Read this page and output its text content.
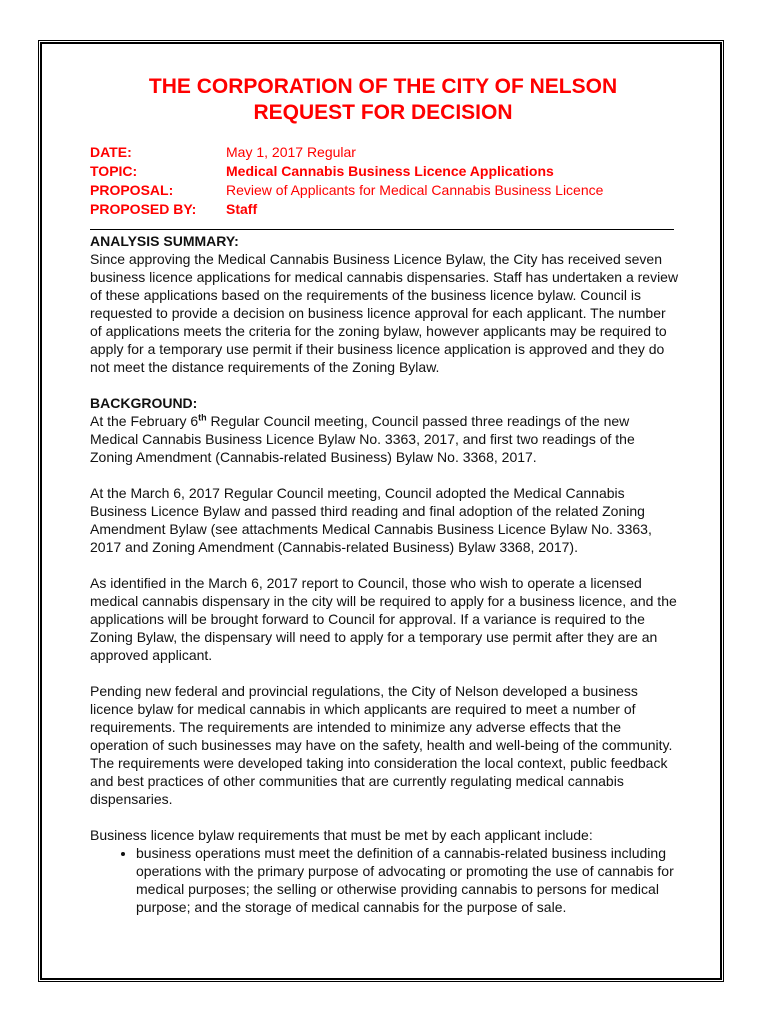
THE CORPORATION OF THE CITY OF NELSON
REQUEST FOR DECISION
DATE:	May 1, 2017 Regular
TOPIC:	Medical Cannabis Business Licence Applications
PROPOSAL:	Review of Applicants for Medical Cannabis Business Licence
PROPOSED BY:	Staff
ANALYSIS SUMMARY:

Since approving the Medical Cannabis Business Licence Bylaw, the City has received seven business licence applications for medical cannabis dispensaries. Staff has undertaken a review of these applications based on the requirements of the business licence bylaw. Council is requested to provide a decision on business licence approval for each applicant. The number of applications meets the criteria for the zoning bylaw, however applicants may be required to apply for a temporary use permit if their business licence application is approved and they do not meet the distance requirements of the Zoning Bylaw.

BACKGROUND:

At the February 6th Regular Council meeting, Council passed three readings of the new Medical Cannabis Business Licence Bylaw No. 3363, 2017, and first two readings of the Zoning Amendment (Cannabis-related Business) Bylaw No. 3368, 2017.

At the March 6, 2017 Regular Council meeting, Council adopted the Medical Cannabis Business Licence Bylaw and passed third reading and final adoption of the related Zoning Amendment Bylaw (see attachments Medical Cannabis Business Licence Bylaw No. 3363, 2017 and Zoning Amendment (Cannabis-related Business) Bylaw 3368, 2017).

As identified in the March 6, 2017 report to Council, those who wish to operate a licensed medical cannabis dispensary in the city will be required to apply for a business licence, and the applications will be brought forward to Council for approval. If a variance is required to the Zoning Bylaw, the dispensary will need to apply for a temporary use permit after they are an approved applicant.

Pending new federal and provincial regulations, the City of Nelson developed a business licence bylaw for medical cannabis in which applicants are required to meet a number of requirements. The requirements are intended to minimize any adverse effects that the operation of such businesses may have on the safety, health and well-being of the community. The requirements were developed taking into consideration the local context, public feedback and best practices of other communities that are currently regulating medical cannabis dispensaries.

Business licence bylaw requirements that must be met by each applicant include:

• business operations must meet the definition of a cannabis-related business including operations with the primary purpose of advocating or promoting the use of cannabis for medical purposes; the selling or otherwise providing cannabis to persons for medical purpose; and the storage of medical cannabis for the purpose of sale.
